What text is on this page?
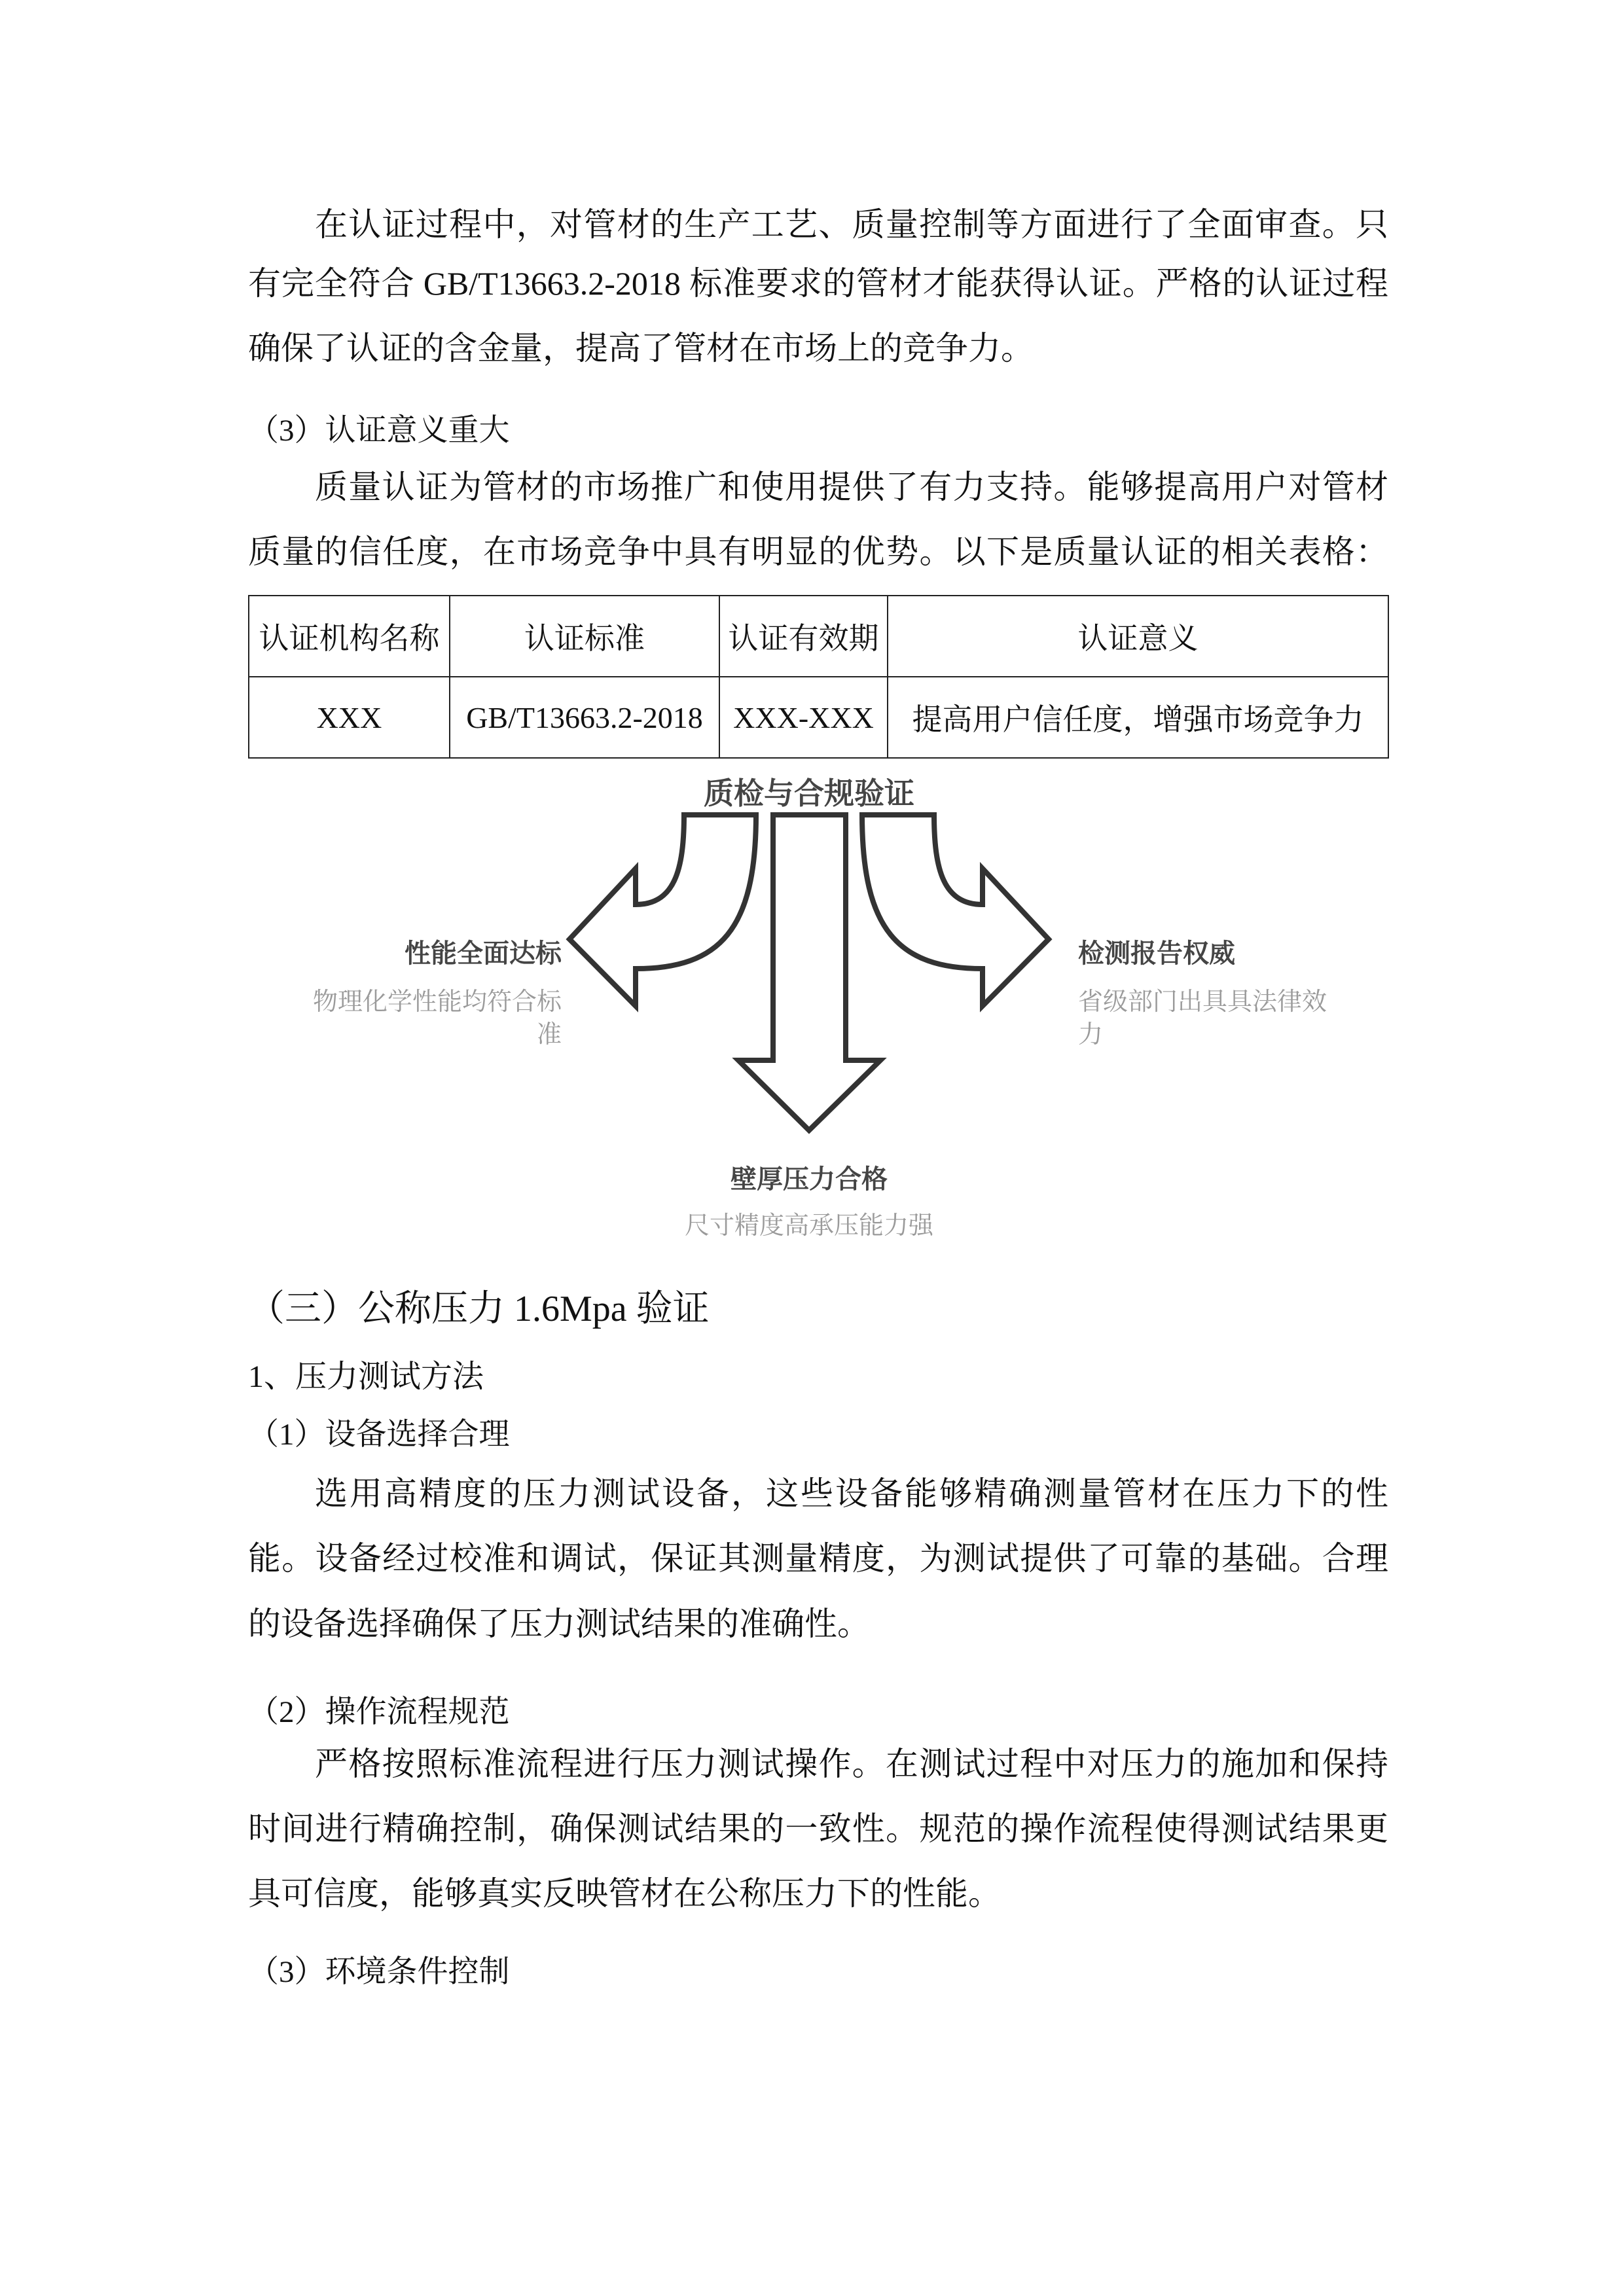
在认证过程中，对管材的生产工艺、质量控制等方面进行了全面审查。只
有完全符合 GB/T13663.2-2018 标准要求的管材才能获得认证。严格的认证过程
确保了认证的含金量，提高了管材在市场上的竞争力。
（3）认证意义重大
质量认证为管材的市场推广和使用提供了有力支持。能够提高用户对管材
质量的信任度，在市场竞争中具有明显的优势。以下是质量认证的相关表格：
认证机构名称	认证标准	认证有效期	认证意义
XXX	GB/T13663.2-2018	XXX-XXX	提高用户信任度，增强市场竞争力
质检与合规验证
性能全面达标
物理化学性能均符合标
准
检测报告权威
省级部门出具具法律效
力
壁厚压力合格
尺寸精度高承压能力强
（三）公称压力 1.6Mpa 验证
1、压力测试方法
（1）设备选择合理
选用高精度的压力测试设备，这些设备能够精确测量管材在压力下的性
能。设备经过校准和调试，保证其测量精度，为测试提供了可靠的基础。合理
的设备选择确保了压力测试结果的准确性。
（2）操作流程规范
严格按照标准流程进行压力测试操作。在测试过程中对压力的施加和保持
时间进行精确控制，确保测试结果的一致性。规范的操作流程使得测试结果更
具可信度，能够真实反映管材在公称压力下的性能。
（3）环境条件控制
